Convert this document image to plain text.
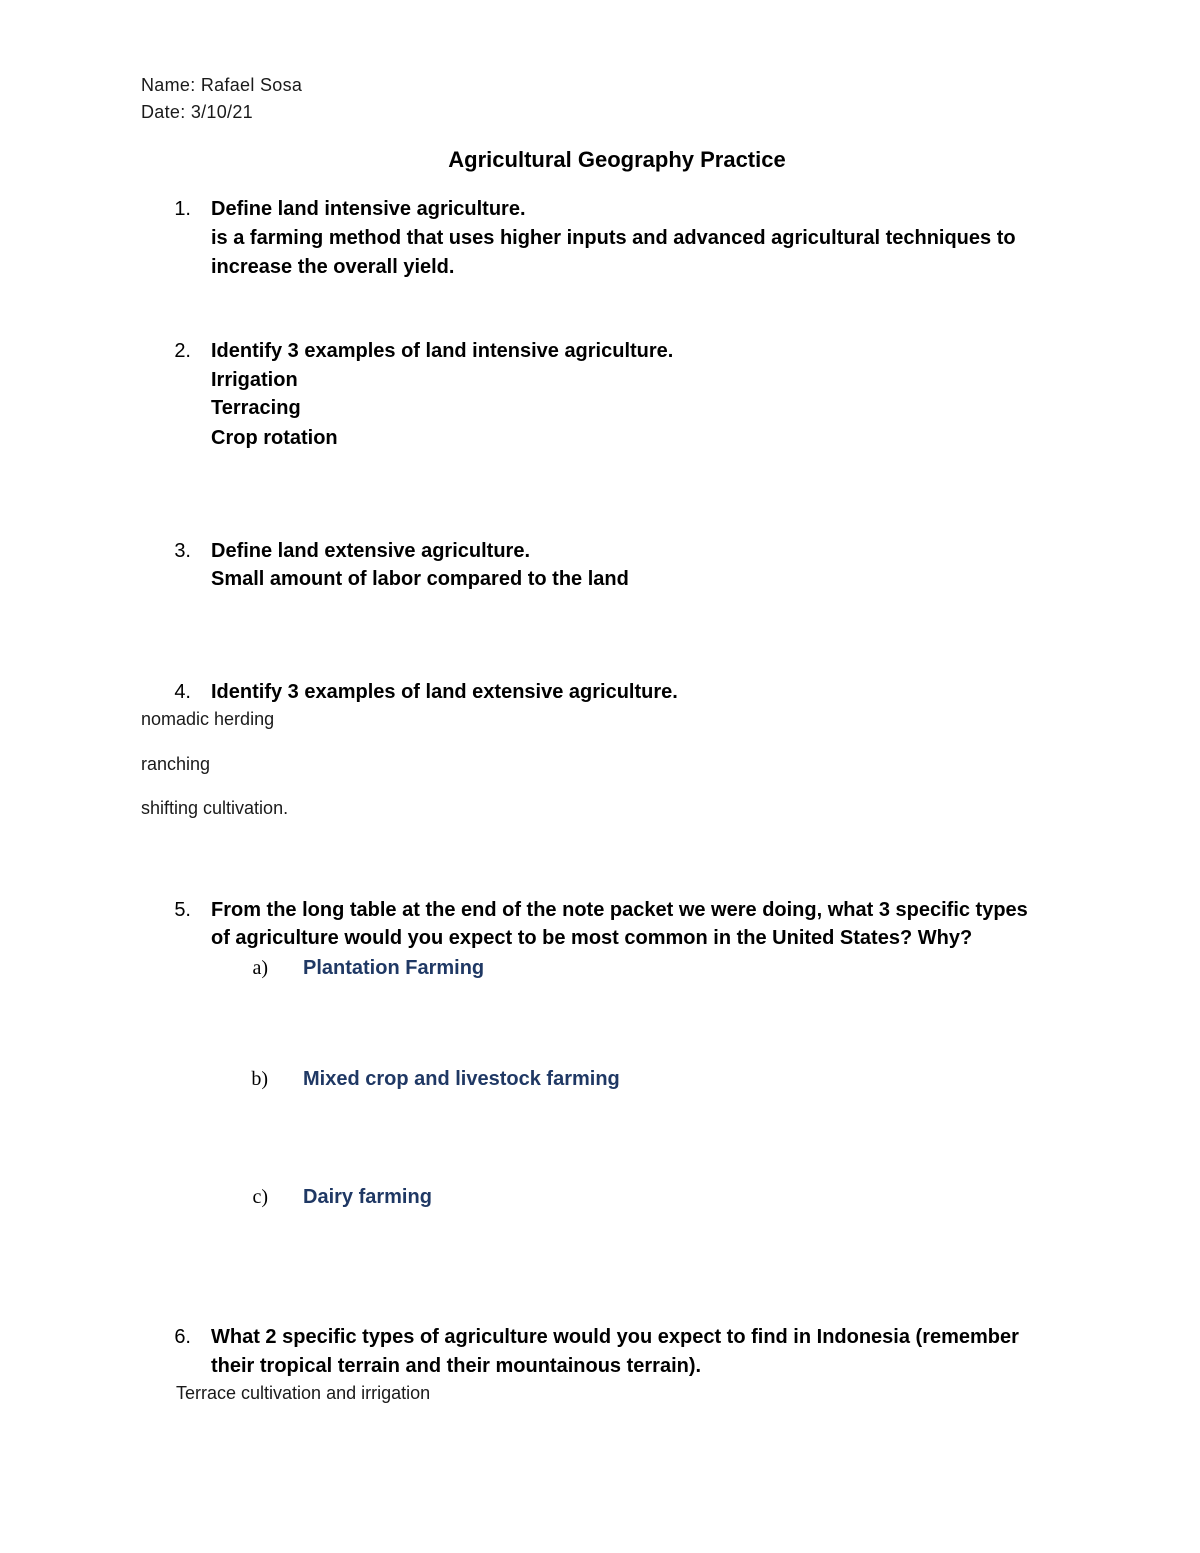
Name: Rafael Sosa
Date: 3/10/21
Agricultural Geography Practice
1. Define land intensive agriculture.
is a farming method that uses higher inputs and advanced agricultural techniques to
increase the overall yield.
2. Identify 3 examples of land intensive agriculture.
Irrigation
Terracing
Crop rotation
3. Define land extensive agriculture.
Small amount of labor compared to the land
4. Identify 3 examples of land extensive agriculture.
nomadic herding
ranching
shifting cultivation.
5. From the long table at the end of the note packet we were doing, what 3 specific types
of agriculture would you expect to be most common in the United States? Why?
a) Plantation Farming
b) Mixed crop and livestock farming
c) Dairy farming
6. What 2 specific types of agriculture would you expect to find in Indonesia (remember
their tropical terrain and their mountainous terrain).
Terrace cultivation and irrigation
